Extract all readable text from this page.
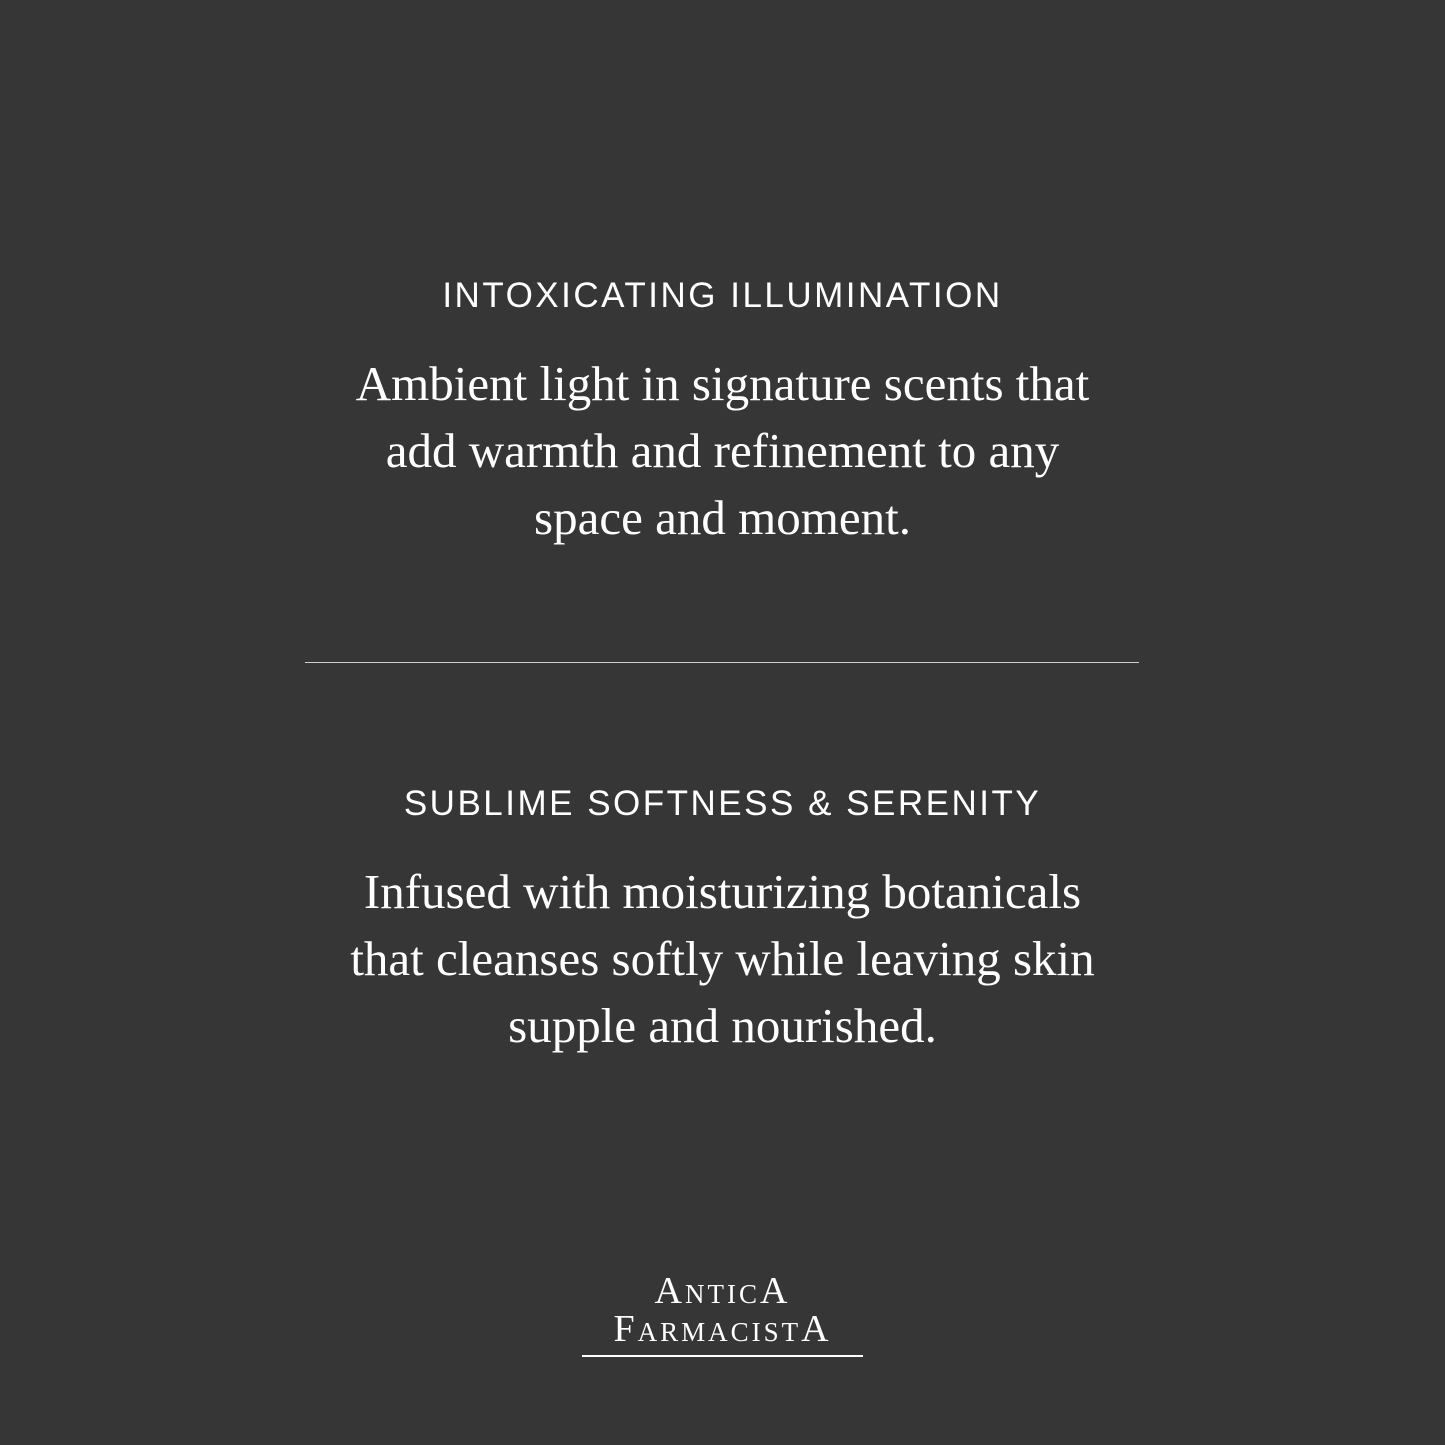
INTOXICATING ILLUMINATION

Ambient light in signature scents that
add warmth and refinement to any
space and moment.

SUBLIME SOFTNESS & SERENITY

Infused with moisturizing botanicals
that cleanses softly while leaving skin
supple and nourished.

AnticA
FarmacistA
